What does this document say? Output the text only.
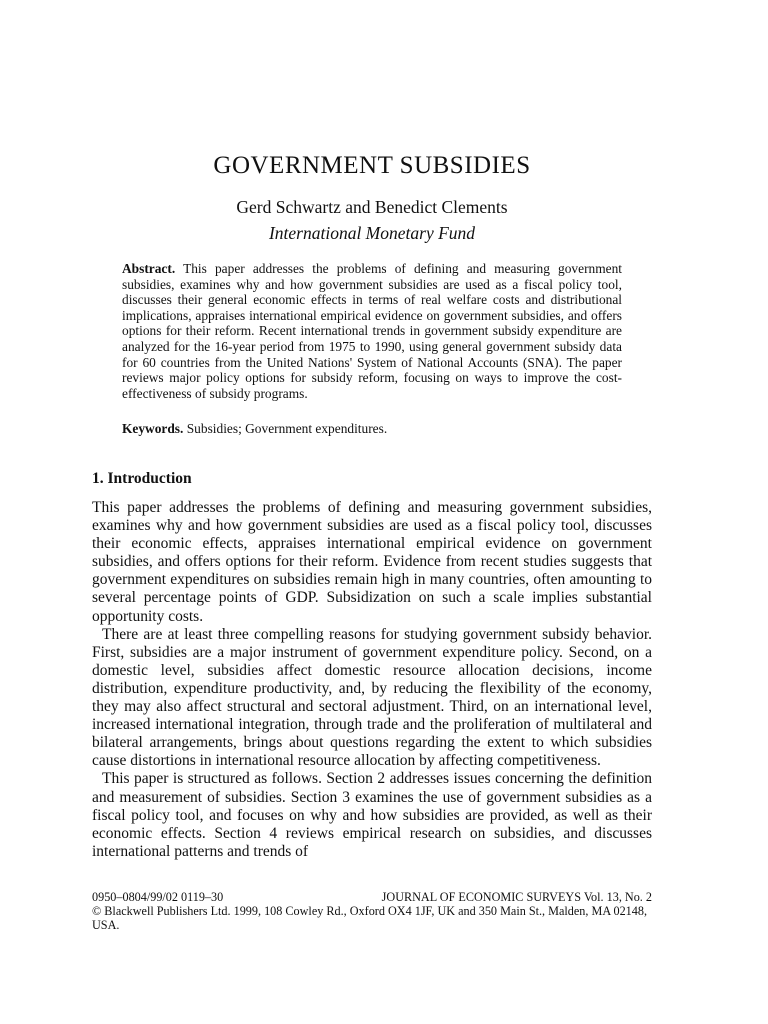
GOVERNMENT SUBSIDIES
Gerd Schwartz and Benedict Clements
International Monetary Fund
Abstract. This paper addresses the problems of defining and measuring government subsidies, examines why and how government subsidies are used as a fiscal policy tool, discusses their general economic effects in terms of real welfare costs and distributional implications, appraises international empirical evidence on government subsidies, and offers options for their reform. Recent international trends in government subsidy expenditure are analyzed for the 16-year period from 1975 to 1990, using general government subsidy data for 60 countries from the United Nations' System of National Accounts (SNA). The paper reviews major policy options for subsidy reform, focusing on ways to improve the cost-effectiveness of subsidy programs.
Keywords. Subsidies; Government expenditures.
1. Introduction

This paper addresses the problems of defining and measuring government subsidies, examines why and how government subsidies are used as a fiscal policy tool, discusses their economic effects, appraises international empirical evidence on government subsidies, and offers options for their reform. Evidence from recent studies suggests that government expenditures on subsidies remain high in many countries, often amounting to several percentage points of GDP. Subsidization on such a scale implies substantial opportunity costs.

There are at least three compelling reasons for studying government subsidy behavior. First, subsidies are a major instrument of government expenditure policy. Second, on a domestic level, subsidies affect domestic resource allocation decisions, income distribution, expenditure productivity, and, by reducing the flexibility of the economy, they may also affect structural and sectoral adjustment. Third, on an international level, increased international integration, through trade and the proliferation of multilateral and bilateral arrangements, brings about questions regarding the extent to which subsidies cause distortions in international resource allocation by affecting competitiveness.

This paper is structured as follows. Section 2 addresses issues concerning the definition and measurement of subsidies. Section 3 examines the use of government subsidies as a fiscal policy tool, and focuses on why and how subsidies are provided, as well as their economic effects. Section 4 reviews empirical research on subsidies, and discusses international patterns and trends of

0950–0804/99/02 0119–30	JOURNAL OF ECONOMIC SURVEYS Vol. 13, No. 2
© Blackwell Publishers Ltd. 1999, 108 Cowley Rd., Oxford OX4 1JF, UK and 350 Main St., Malden, MA 02148, USA.
